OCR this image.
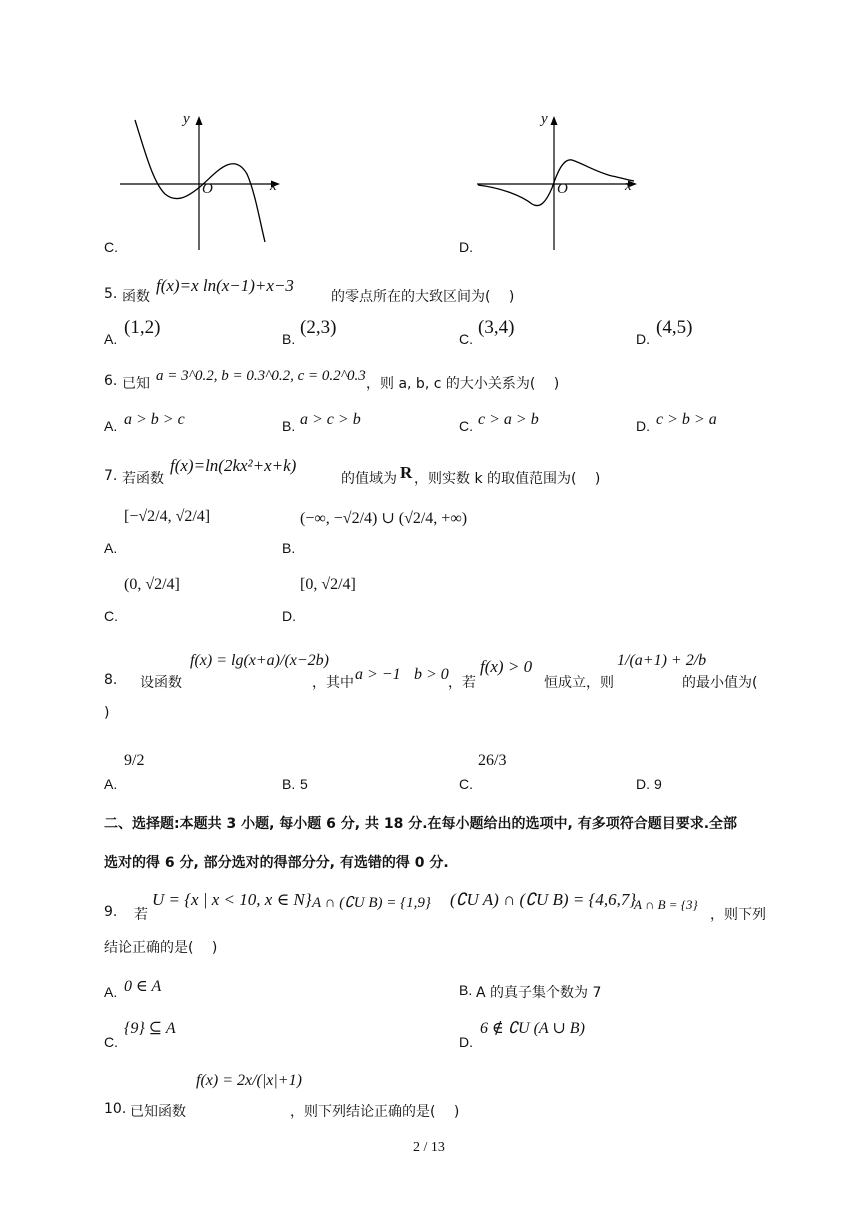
y
x
O
C.
y
x
O
D.
5. 函数
f(x)=x ln(x−1)+x−3
的零点所在的大致区间为(　 )
A.
(1,2)
B.
(2,3)
C.
(3,4)
D.
(4,5)
6. 已知 a = 3^0.2, b = 0.3^0.2, c = 0.2^0.3 ，则 a, b, c 的大小关系为(　 )
A. a > b > c	B. a > c > b	C. c > a > b	D. c > b > a
7. 若函数
f(x)=ln(2kx²+x+k)
的值域为 R ，则实数 k 的取值范围为(　 )
A.
[−√2/4, √2/4]
B.
(−∞, −√2/4) ∪ (√2/4, +∞)
C.
(0, √2/4]
D.
[0, √2/4]
8. 设函数
f(x) = lg(x+a)/(x−2b)
，其中 a > −1 b > 0 ，若
f(x) > 0
恒成立，则
1/(a+1) + 2/b
的最小值为(
)
A.
9/2
B. 5	C.
26/3
D. 9
二、选择题:本题共 3 小题, 每小题 6 分, 共 18 分.在每小题给出的选项中, 有多项符合题目要求.全部
选对的得 6 分, 部分选对的得部分分, 有选错的得 0 分.
9. 若
U = {x | x < 10, x ∈ N} A ∩ (∁U B) = {1,9} (∁U A) ∩ (∁U B) = {4,6,7}
A ∩ B = {3}
，则下列
结论正确的是(　 )
A. 0 ∈ A	B. A 的真子集个数为 7
C.
{9} ⊆ A
D.
6 ∉ ∁U (A ∪ B)
10. 已知函数
f(x) = 2x/(|x|+1)
，则下列结论正确的是(　 )
2 / 13
